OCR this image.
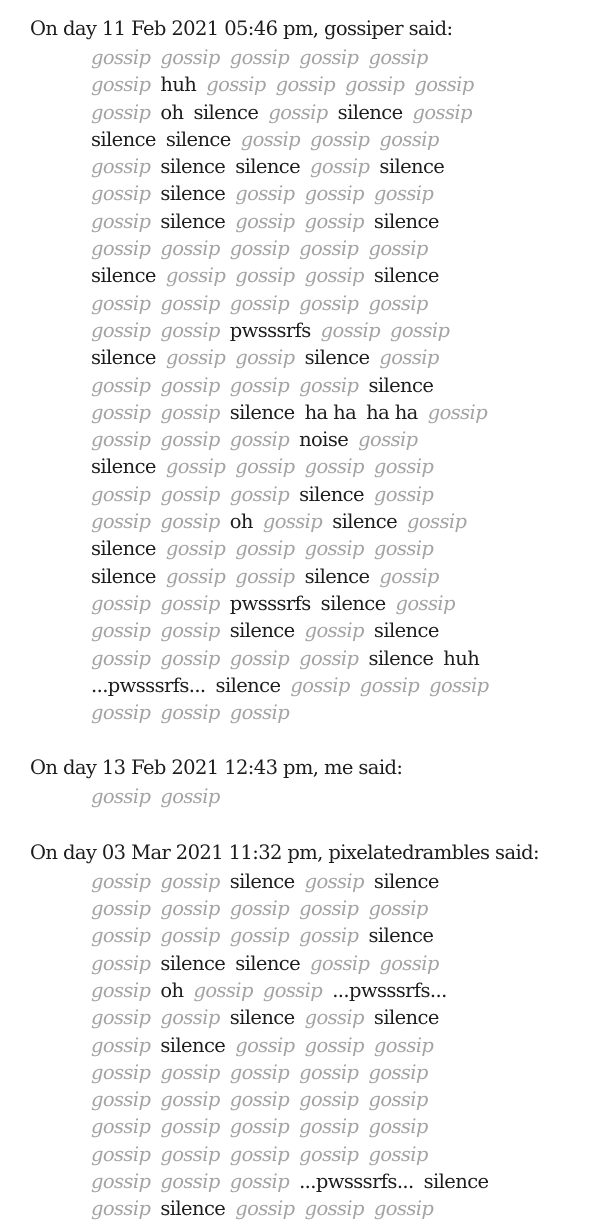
On day 11 Feb 2021 05:46 pm, gossiper said:
gossip gossip gossip gossip gossip
gossip huh gossip gossip gossip gossip
gossip oh silence gossip silence gossip
silence silence gossip gossip gossip
gossip silence silence gossip silence
gossip silence gossip gossip gossip
gossip silence gossip gossip silence
gossip gossip gossip gossip gossip
silence gossip gossip gossip silence
gossip gossip gossip gossip gossip
gossip gossip pwsssrfs gossip gossip
silence gossip gossip silence gossip
gossip gossip gossip gossip silence
gossip gossip silence ha ha ha ha gossip
gossip gossip gossip noise gossip
silence gossip gossip gossip gossip
gossip gossip gossip silence gossip
gossip gossip oh gossip silence gossip
silence gossip gossip gossip gossip
silence gossip gossip silence gossip
gossip gossip pwsssrfs silence gossip
gossip gossip silence gossip silence
gossip gossip gossip gossip silence huh
...pwsssrfs... silence gossip gossip gossip
gossip gossip gossip
On day 13 Feb 2021 12:43 pm, me said:
gossip gossip
On day 03 Mar 2021 11:32 pm, pixelatedrambles said:
gossip gossip silence gossip silence
gossip gossip gossip gossip gossip
gossip gossip gossip gossip silence
gossip silence silence gossip gossip
gossip oh gossip gossip ...pwsssrfs...
gossip gossip silence gossip silence
gossip silence gossip gossip gossip
gossip gossip gossip gossip gossip
gossip gossip gossip gossip gossip
gossip gossip gossip gossip gossip
gossip gossip gossip gossip gossip
gossip gossip gossip ...pwsssrfs... silence
gossip silence gossip gossip gossip
